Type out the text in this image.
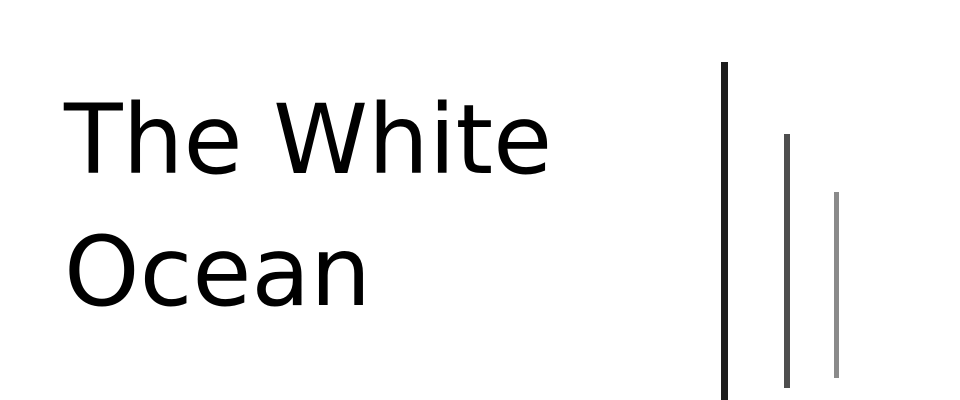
The White
Ocean
